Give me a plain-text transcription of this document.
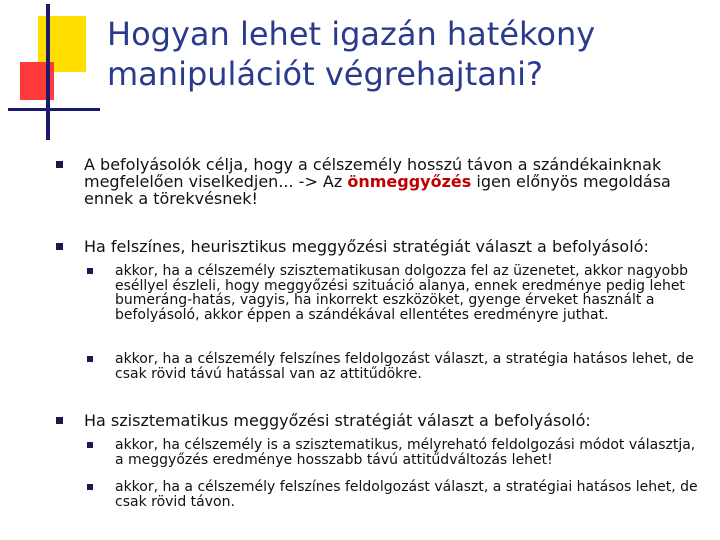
Hogyan lehet igazán hatékony
manipulációt végrehajtani?
A befolyásolók célja, hogy a célszemély hosszú távon a szándékainknak megfelelően viselkedjen... -> Az önmeggyőzés igen előnyös megoldása ennek a törekvésnek!
Ha felszínes, heurisztikus meggyőzési stratégiát választ a befolyásoló:
akkor, ha a célszemély szisztematikusan dolgozza fel az üzenetet, akkor nagyobb eséllyel észleli, hogy meggyőzési szituáció alanya, ennek eredménye pedig lehet bumeráng-hatás, vagyis, ha inkorrekt eszközöket, gyenge érveket használt a befolyásoló, akkor éppen a szándékával ellentétes eredményre juthat.
akkor, ha a célszemély felszínes feldolgozást választ, a stratégia hatásos lehet, de csak rövid távú hatással van az attitűdökre.
Ha szisztematikus meggyőzési stratégiát választ a befolyásoló:
akkor, ha célszemély is a szisztematikus, mélyreható feldolgozási módot választja, a meggyőzés eredménye hosszabb távú attitűdváltozás lehet!
akkor, ha a célszemély felszínes feldolgozást választ, a stratégiai hatásos lehet, de csak rövid távon.
